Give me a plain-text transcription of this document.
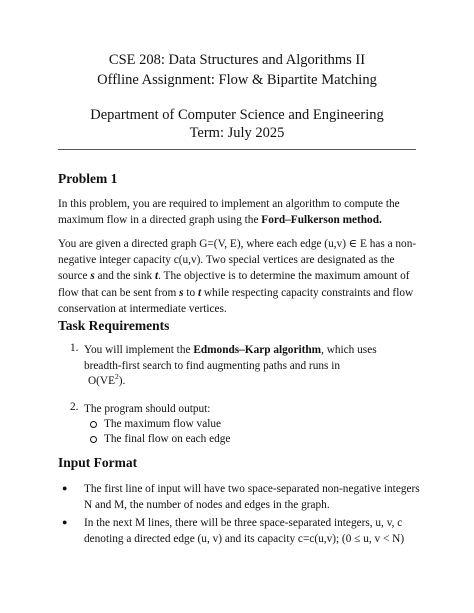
CSE 208: Data Structures and Algorithms II
Offline Assignment: Flow & Bipartite Matching
Department of Computer Science and Engineering
Term: July 2025
Problem 1
In this problem, you are required to implement an algorithm to compute the maximum flow in a directed graph using the Ford–Fulkerson method.
You are given a directed graph G=(V, E), where each edge (u,v) ∈ E has a non-negative integer capacity c(u,v). Two special vertices are designated as the source s and the sink t. The objective is to determine the maximum amount of flow that can be sent from s to t while respecting capacity constraints and flow conservation at intermediate vertices.
Task Requirements
1. You will implement the Edmonds–Karp algorithm, which uses breadth-first search to find augmenting paths and runs in
$O(VE^2)$.
2. The program should output:
The maximum flow value
The final flow on each edge
Input Format
● The first line of input will have two space-separated non-negative integers N and M, the number of nodes and edges in the graph.
● In the next M lines, there will be three space-separated integers, u, v, c
denoting a directed edge (u, v) and its capacity c=c(u,v); (0 ≤ u, v < N)
